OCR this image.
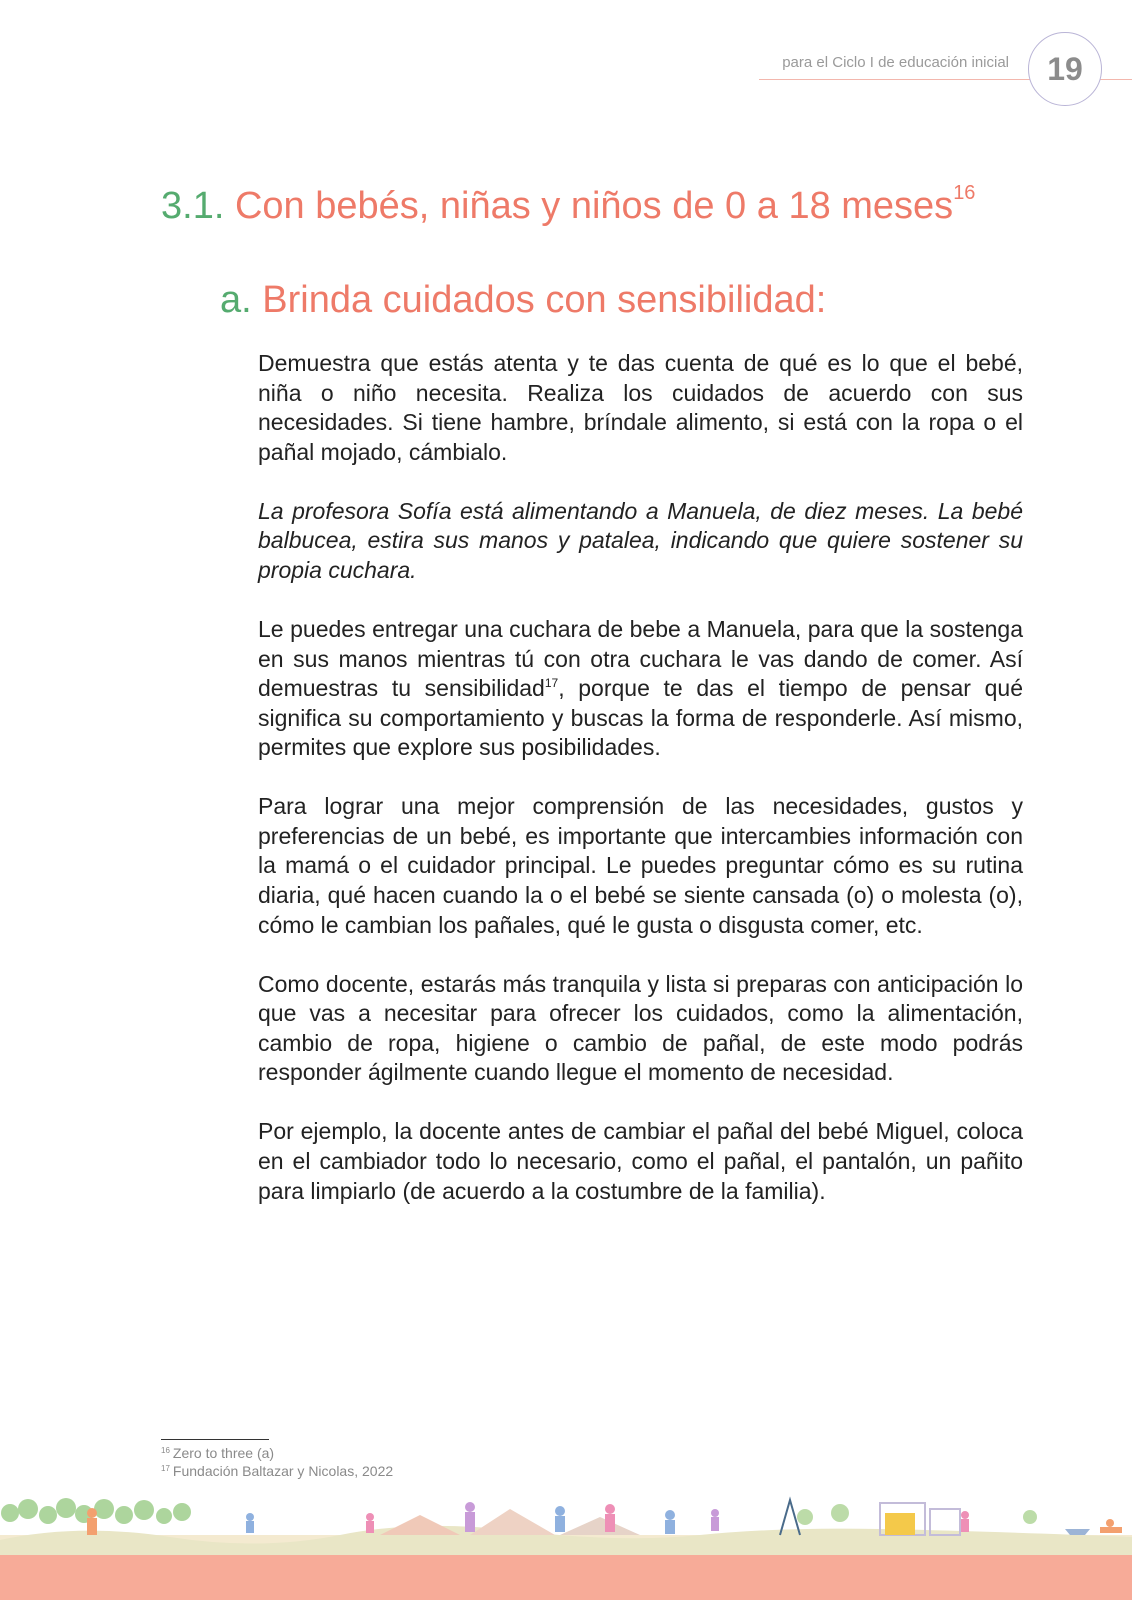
para el Ciclo I de educación inicial	19
3.1. Con bebés, niñas y niños de 0 a 18 meses$^{16}$
a. Brinda cuidados con sensibilidad:

Demuestra que estás atenta y te das cuenta de qué es lo que el bebé, niña o niño necesita. Realiza los cuidados de acuerdo con sus necesidades. Si tiene hambre, bríndale alimento, si está con la ropa o el pañal mojado, cámbialo.

La profesora Sofía está alimentando a Manuela, de diez meses. La bebé balbucea, estira sus manos y patalea, indicando que quiere sostener su propia cuchara.

Le puedes entregar una cuchara de bebe a Manuela, para que la sostenga en sus manos mientras tú con otra cuchara le vas dando de comer. Así demuestras tu sensibilidad$^{17}$, porque te das el tiempo de pensar qué significa su comportamiento y buscas la forma de responderle. Así mismo, permites que explore sus posibilidades.

Para lograr una mejor comprensión de las necesidades, gustos y preferencias de un bebé, es importante que intercambies información con la mamá o el cuidador principal. Le puedes preguntar cómo es su rutina diaria, qué hacen cuando la o el bebé se siente cansada (o) o molesta (o), cómo le cambian los pañales, qué le gusta o disgusta comer, etc.

Como docente, estarás más tranquila y lista si preparas con anticipación lo que vas a necesitar para ofrecer los cuidados, como la alimentación, cambio de ropa, higiene o cambio de pañal, de este modo podrás responder ágilmente cuando llegue el momento de necesidad.

Por ejemplo, la docente antes de cambiar el pañal del bebé Miguel, coloca en el cambiador todo lo necesario, como el pañal, el pantalón, un pañito para limpiarlo (de acuerdo a la costumbre de la familia).

$^{16}$ Zero to three (a)
$^{17}$ Fundación Baltazar y Nicolas, 2022
